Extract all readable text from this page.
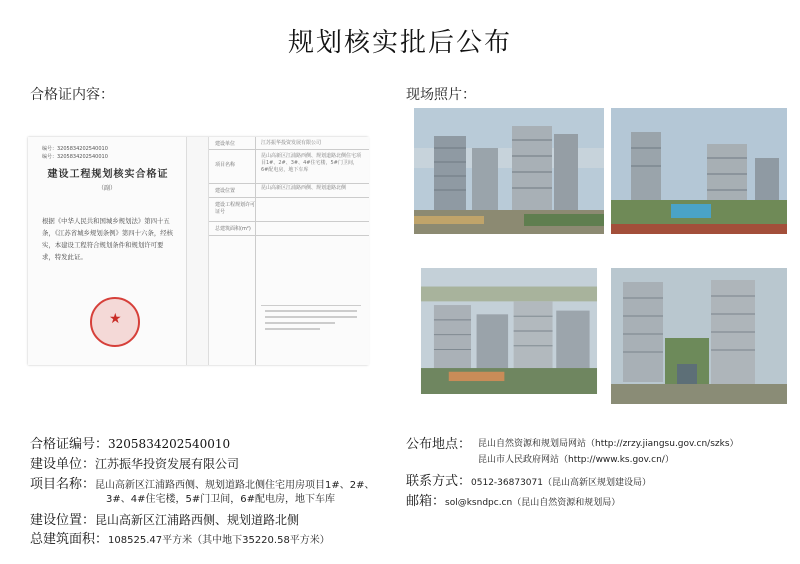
规划核实批后公布
合格证内容：	现场照片：
编号：3205834202540010
编号：3205834202540010
建设工程规划核实合格证
（副）
根据《中华人民共和国城乡规划法》第四十五条，《江苏省城乡规划条例》第四十六条，经核实，本建设工程符合规划条件和规划许可要求，特发此证。
★
建设单位	江苏振华投资发展有限公司
项目名称
昆山高新区江浦路西侧、规划道路北侧住宅项目1#、2#、3#、4#住宅楼，5#门卫间，6#配电房，地下车库
建设位置	昆山高新区江浦路西侧、规划道路北侧
建设工程规划许可证号
总建筑面积(m²)
合格证编号：3205834202540010
建设单位：江苏振华投资发展有限公司
项目名称：昆山高新区江浦路西侧、规划道路北侧住宅用房项目1#、2#、
3#、4#住宅楼，5#门卫间，6#配电房，地下车库
建设位置：昆山高新区江浦路西侧、规划道路北侧
总建筑面积：108525.47平方米（其中地下35220.58平方米）
公布地点： 昆山自然资源和规划局网站（http://zrzy.jiangsu.gov.cn/szks）
昆山市人民政府网站（http://www.ks.gov.cn/）
联系方式：0512-36873071（昆山高新区规划建设局）
邮箱：sol@ksndpc.cn（昆山自然资源和规划局）
